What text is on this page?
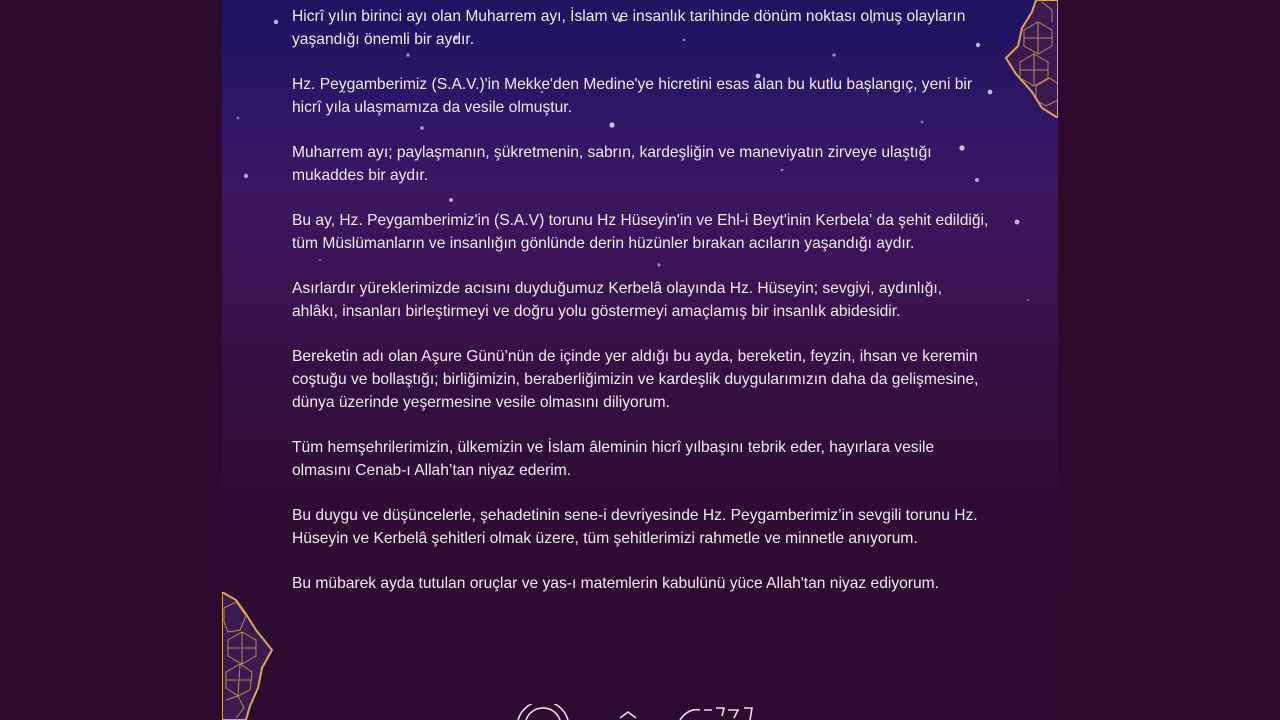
Hicrî yılın birinci ayı olan Muharrem ayı, İslam ve insanlık tarihinde dönüm noktası olmuş olayların yaşandığı önemli bir aydır.

Hz. Peygamberimiz (S.A.V.)'in Mekke'den Medine'ye hicretini esas alan bu kutlu başlangıç, yeni bir hicrî yıla ulaşmamıza da vesile olmuştur.

Muharrem ayı; paylaşmanın, şükretmenin, sabrın, kardeşliğin ve maneviyatın zirveye ulaştığı mukaddes bir aydır.

Bu ay, Hz. Peygamberimiz'in (S.A.V) torunu Hz Hüseyin'in ve Ehl-i Beyt'inin Kerbela' da şehit edildiği, tüm Müslümanların ve insanlığın gönlünde derin hüzünler bırakan acıların yaşandığı aydır.

Asırlardır yüreklerimizde acısını duyduğumuz Kerbelâ olayında Hz. Hüseyin; sevgiyi, aydınlığı, ahlâkı, insanları birleştirmeyi ve doğru yolu göstermeyi amaçlamış bir insanlık abidesidir.

Bereketin adı olan Aşure Günü’nün de içinde yer aldığı bu ayda, bereketin, feyzin, ihsan ve keremin coştuğu ve bollaştığı; birliğimizin, beraberliğimizin ve kardeşlik duygularımızın daha da gelişmesine, dünya üzerinde yeşermesine vesile olmasını diliyorum.

Tüm hemşehrilerimizin, ülkemizin ve İslam âleminin hicrî yılbaşını tebrik eder, hayırlara vesile olmasını Cenab-ı Allah’tan niyaz ederim.

Bu duygu ve düşüncelerle, şehadetinin sene-i devriyesinde Hz. Peygamberimiz’in sevgili torunu Hz. Hüseyin ve Kerbelâ şehitleri olmak üzere, tüm şehitlerimizi rahmetle ve minnetle anıyorum.

Bu mübarek ayda tutulan oruçlar ve yas-ı matemlerin kabulünü yüce Allah'tan niyaz ediyorum.
